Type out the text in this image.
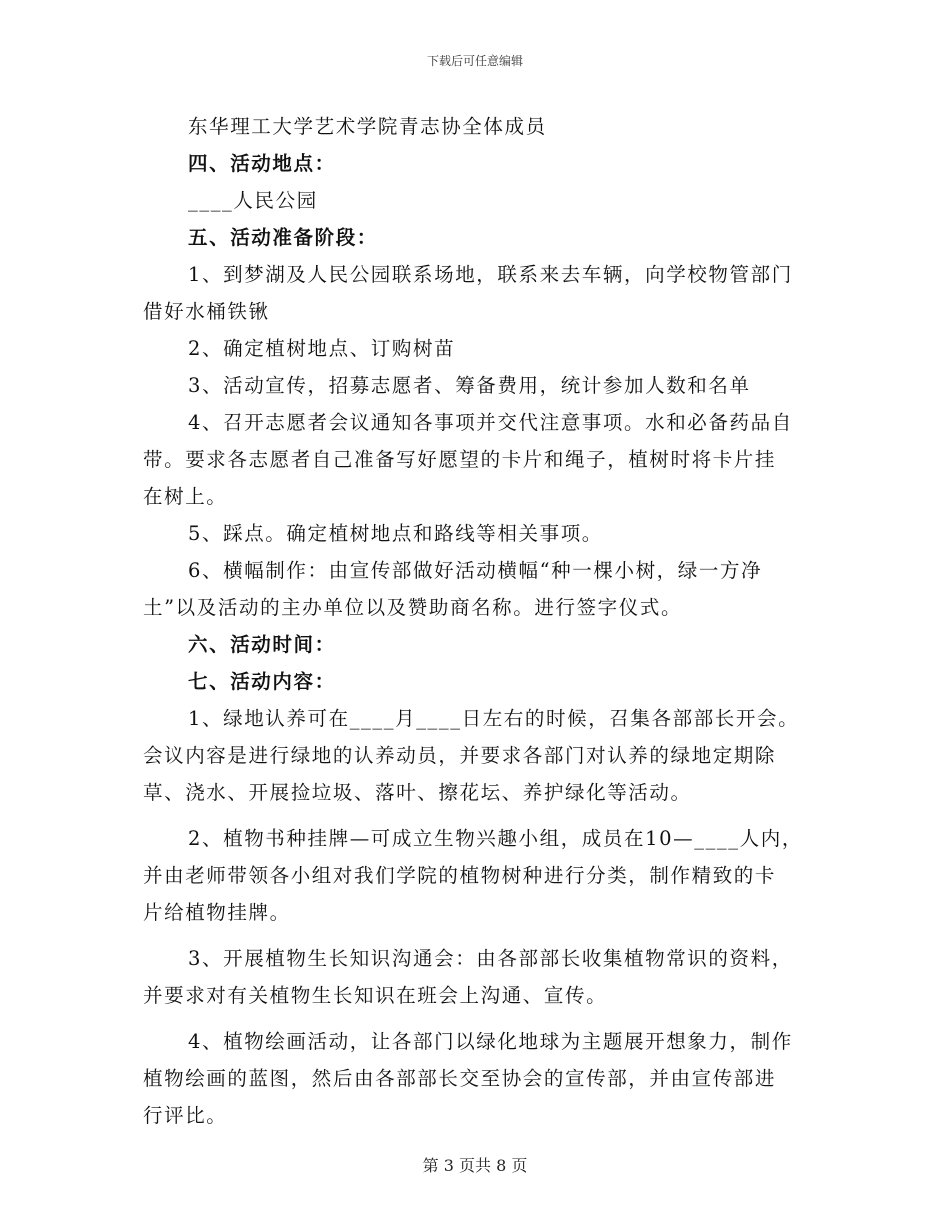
下载后可任意编辑
东华理工大学艺术学院青志协全体成员
四、活动地点：
____人民公园
五、活动准备阶段：
1、到梦湖及人民公园联系场地，联系来去车辆，向学校物管部门
借好水桶铁锹
2、确定植树地点、订购树苗
3、活动宣传，招募志愿者、筹备费用，统计参加人数和名单
4、召开志愿者会议通知各事项并交代注意事项。水和必备药品自
带。要求各志愿者自己准备写好愿望的卡片和绳子，植树时将卡片挂
在树上。
5、踩点。确定植树地点和路线等相关事项。
6、横幅制作：由宣传部做好活动横幅“种一棵小树，绿一方净
土”以及活动的主办单位以及赞助商名称。进行签字仪式。
六、活动时间：
七、活动内容：
1、绿地认养可在____月____日左右的时候，召集各部部长开会。
会议内容是进行绿地的认养动员，并要求各部门对认养的绿地定期除
草、浇水、开展捡垃圾、落叶、擦花坛、养护绿化等活动。
2、植物书种挂牌—可成立生物兴趣小组，成员在10—____人内，
并由老师带领各小组对我们学院的植物树种进行分类，制作精致的卡
片给植物挂牌。
3、开展植物生长知识沟通会：由各部部长收集植物常识的资料，
并要求对有关植物生长知识在班会上沟通、宣传。
4、植物绘画活动，让各部门以绿化地球为主题展开想象力，制作
植物绘画的蓝图，然后由各部部长交至协会的宣传部，并由宣传部进
行评比。
第 3 页共 8 页
